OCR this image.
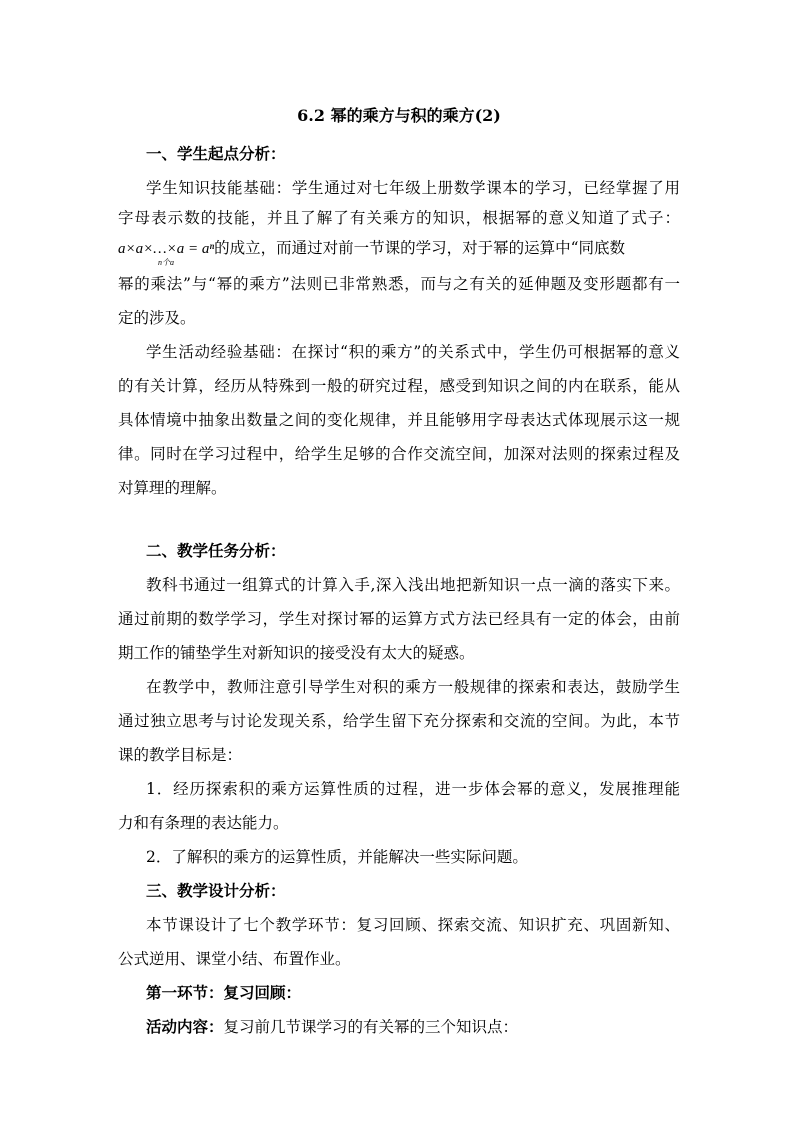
6.2 幂的乘方与积的乘方(2)
一、学生起点分析：
学生知识技能基础：学生通过对七年级上册数学课本的学习，已经掌握了用
字母表示数的技能，并且了解了有关乘方的知识，根据幂的意义知道了式子：
a×a×…×a = aⁿ的成立，而通过对前一节课的学习，对于幂的运算中“同底数
n个a
幂的乘法”与“幂的乘方”法则已非常熟悉，而与之有关的延伸题及变形题都有一
定的涉及。
学生活动经验基础：在探讨“积的乘方”的关系式中，学生仍可根据幂的意义
的有关计算，经历从特殊到一般的研究过程，感受到知识之间的内在联系，能从
具体情境中抽象出数量之间的变化规律，并且能够用字母表达式体现展示这一规
律。同时在学习过程中，给学生足够的合作交流空间，加深对法则的探索过程及
对算理的理解。
二、教学任务分析：
教科书通过一组算式的计算入手,深入浅出地把新知识一点一滴的落实下来。
通过前期的数学学习，学生对探讨幂的运算方式方法已经具有一定的体会，由前
期工作的铺垫学生对新知识的接受没有太大的疑惑。
在教学中，教师注意引导学生对积的乘方一般规律的探索和表达，鼓励学生
通过独立思考与讨论发现关系，给学生留下充分探索和交流的空间。为此，本节
课的教学目标是：
1．经历探索积的乘方运算性质的过程，进一步体会幂的意义，发展推理能
力和有条理的表达能力。
2．了解积的乘方的运算性质，并能解决一些实际问题。
三、教学设计分析：
本节课设计了七个教学环节：复习回顾、探索交流、知识扩充、巩固新知、
公式逆用、课堂小结、布置作业。
第一环节：复习回顾：
活动内容：复习前几节课学习的有关幂的三个知识点：
